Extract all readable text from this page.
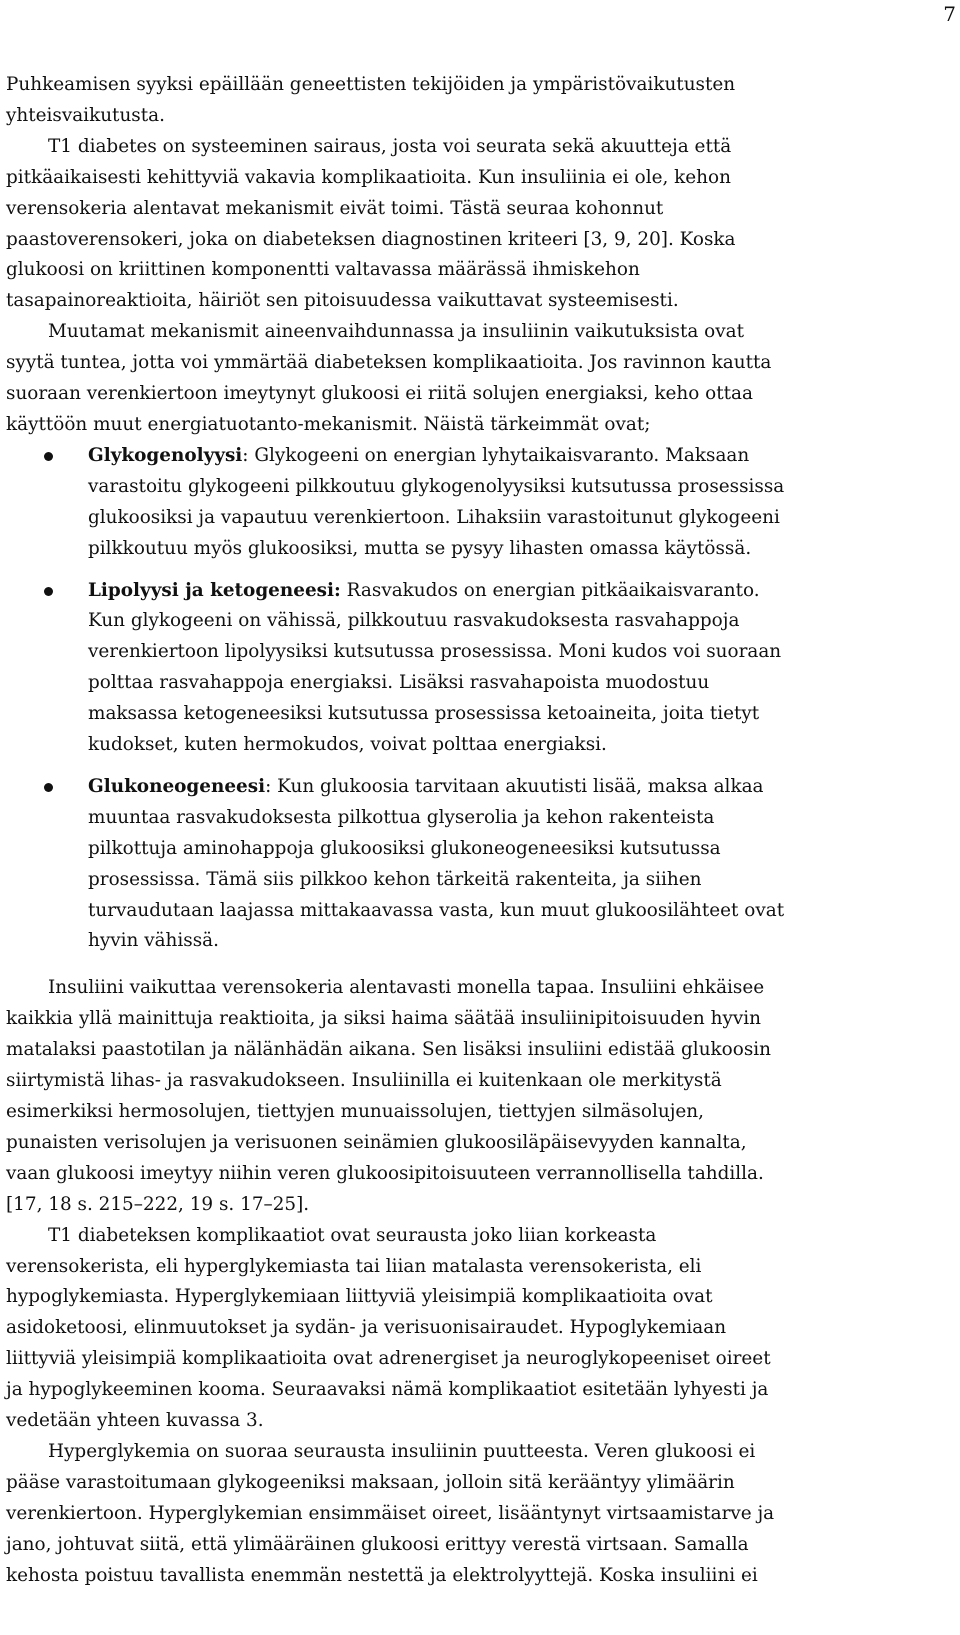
7

Puhkeamisen syyksi epäillään geneettisten tekijöiden ja ympäristövaikutusten
yhteisvaikutusta.

T1 diabetes on systeeminen sairaus, josta voi seurata sekä akuutteja että
pitkäaikaisesti kehittyviä vakavia komplikaatioita. Kun insuliinia ei ole, kehon
verensokeria alentavat mekanismit eivät toimi. Tästä seuraa kohonnut
paastoverensokeri, joka on diabeteksen diagnostinen kriteeri [3, 9, 20]. Koska
glukoosi on kriittinen komponentti valtavassa määrässä ihmiskehon
tasapainoreaktioita, häiriöt sen pitoisuudessa vaikuttavat systeemisesti.

Muutamat mekanismit aineenvaihdunnassa ja insuliinin vaikutuksista ovat
syytä tuntea, jotta voi ymmärtää diabeteksen komplikaatioita. Jos ravinnon kautta
suoraan verenkiertoon imeytynyt glukoosi ei riitä solujen energiaksi, keho ottaa
käyttöön muut energiatuotanto-mekanismit. Näistä tärkeimmät ovat;

Glykogenolyysi: Glykogeeni on energian lyhytaikaisvaranto. Maksaan
varastoitu glykogeeni pilkkoutuu glykogenolyysiksi kutsutussa prosessissa
glukoosiksi ja vapautuu verenkiertoon. Lihaksiin varastoitunut glykogeeni
pilkkoutuu myös glukoosiksi, mutta se pysyy lihasten omassa käytössä.
Lipolyysi ja ketogeneesi: Rasvakudos on energian pitkäaikaisvaranto.
Kun glykogeeni on vähissä, pilkkoutuu rasvakudoksesta rasvahappoja
verenkiertoon lipolyysiksi kutsutussa prosessissa. Moni kudos voi suoraan
polttaa rasvahappoja energiaksi. Lisäksi rasvahapoista muodostuu
maksassa ketogeneesiksi kutsutussa prosessissa ketoaineita, joita tietyt
kudokset, kuten hermokudos, voivat polttaa energiaksi.
Glukoneogeneesi: Kun glukoosia tarvitaan akuutisti lisää, maksa alkaa
muuntaa rasvakudoksesta pilkottua glyserolia ja kehon rakenteista
pilkottuja aminohappoja glukoosiksi glukoneogeneesiksi kutsutussa
prosessissa. Tämä siis pilkkoo kehon tärkeitä rakenteita, ja siihen
turvaudutaan laajassa mittakaavassa vasta, kun muut glukoosilähteet ovat
hyvin vähissä.

Insuliini vaikuttaa verensokeria alentavasti monella tapaa. Insuliini ehkäisee
kaikkia yllä mainittuja reaktioita, ja siksi haima säätää insuliinipitoisuuden hyvin
matalaksi paastotilan ja nälänhädän aikana. Sen lisäksi insuliini edistää glukoosin
siirtymistä lihas- ja rasvakudokseen. Insuliinilla ei kuitenkaan ole merkitystä
esimerkiksi hermosolujen, tiettyjen munuaissolujen, tiettyjen silmäsolujen,
punaisten verisolujen ja verisuonen seinämien glukoosiläpäisevyyden kannalta,
vaan glukoosi imeytyy niihin veren glukoosipitoisuuteen verrannollisella tahdilla.
[17, 18 s. 215–222, 19 s. 17–25].

T1 diabeteksen komplikaatiot ovat seurausta joko liian korkeasta
verensokerista, eli hyperglykemiasta tai liian matalasta verensokerista, eli
hypoglykemiasta. Hyperglykemiaan liittyviä yleisimpiä komplikaatioita ovat
asidoketoosi, elinmuutokset ja sydän- ja verisuonisairaudet. Hypoglykemiaan
liittyviä yleisimpiä komplikaatioita ovat adrenergiset ja neuroglykopeeniset oireet
ja hypoglykeeminen kooma. Seuraavaksi nämä komplikaatiot esitetään lyhyesti ja
vedetään yhteen kuvassa 3.

Hyperglykemia on suoraa seurausta insuliinin puutteesta. Veren glukoosi ei
pääse varastoitumaan glykogeeniksi maksaan, jolloin sitä kerääntyy ylimäärin
verenkiertoon. Hyperglykemian ensimmäiset oireet, lisääntynyt virtsaamistarve ja
jano, johtuvat siitä, että ylimääräinen glukoosi erittyy verestä virtsaan. Samalla
kehosta poistuu tavallista enemmän nestettä ja elektrolyyttejä. Koska insuliini ei
